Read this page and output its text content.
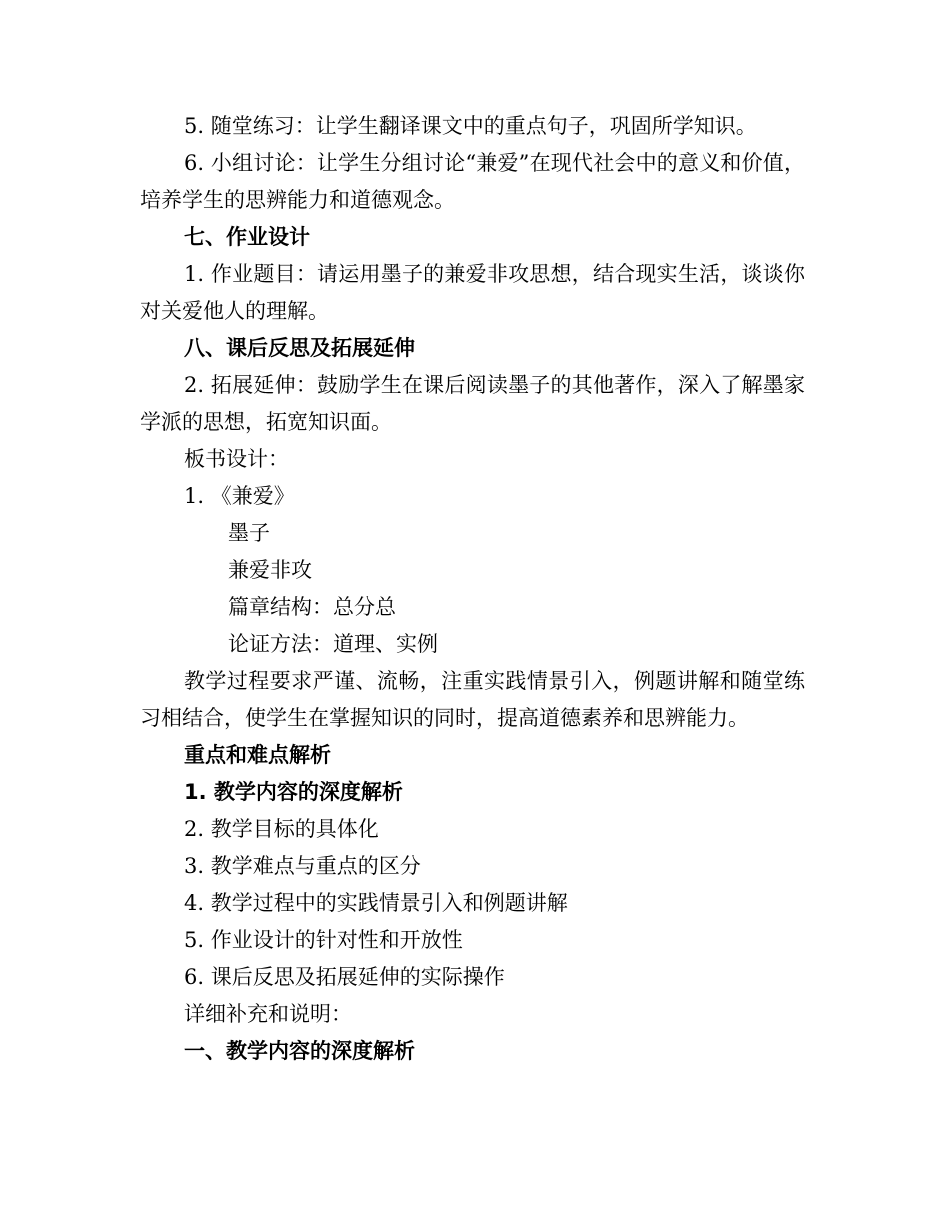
5. 随堂练习：让学生翻译课文中的重点句子，巩固所学知识。

6. 小组讨论：让学生分组讨论“兼爱”在现代社会中的意义和价值，培养学生的思辨能力和道德观念。

七、作业设计

1. 作业题目：请运用墨子的兼爱非攻思想，结合现实生活，谈谈你对关爱他人的理解。

八、课后反思及拓展延伸

2. 拓展延伸：鼓励学生在课后阅读墨子的其他著作，深入了解墨家学派的思想，拓宽知识面。

板书设计：

1. 《兼爱》

墨子

兼爱非攻

篇章结构：总分总

论证方法：道理、实例

教学过程要求严谨、流畅，注重实践情景引入，例题讲解和随堂练习相结合，使学生在掌握知识的同时，提高道德素养和思辨能力。

重点和难点解析

1. 教学内容的深度解析

2. 教学目标的具体化

3. 教学难点与重点的区分

4. 教学过程中的实践情景引入和例题讲解

5. 作业设计的针对性和开放性

6. 课后反思及拓展延伸的实际操作

详细补充和说明：

一、教学内容的深度解析
